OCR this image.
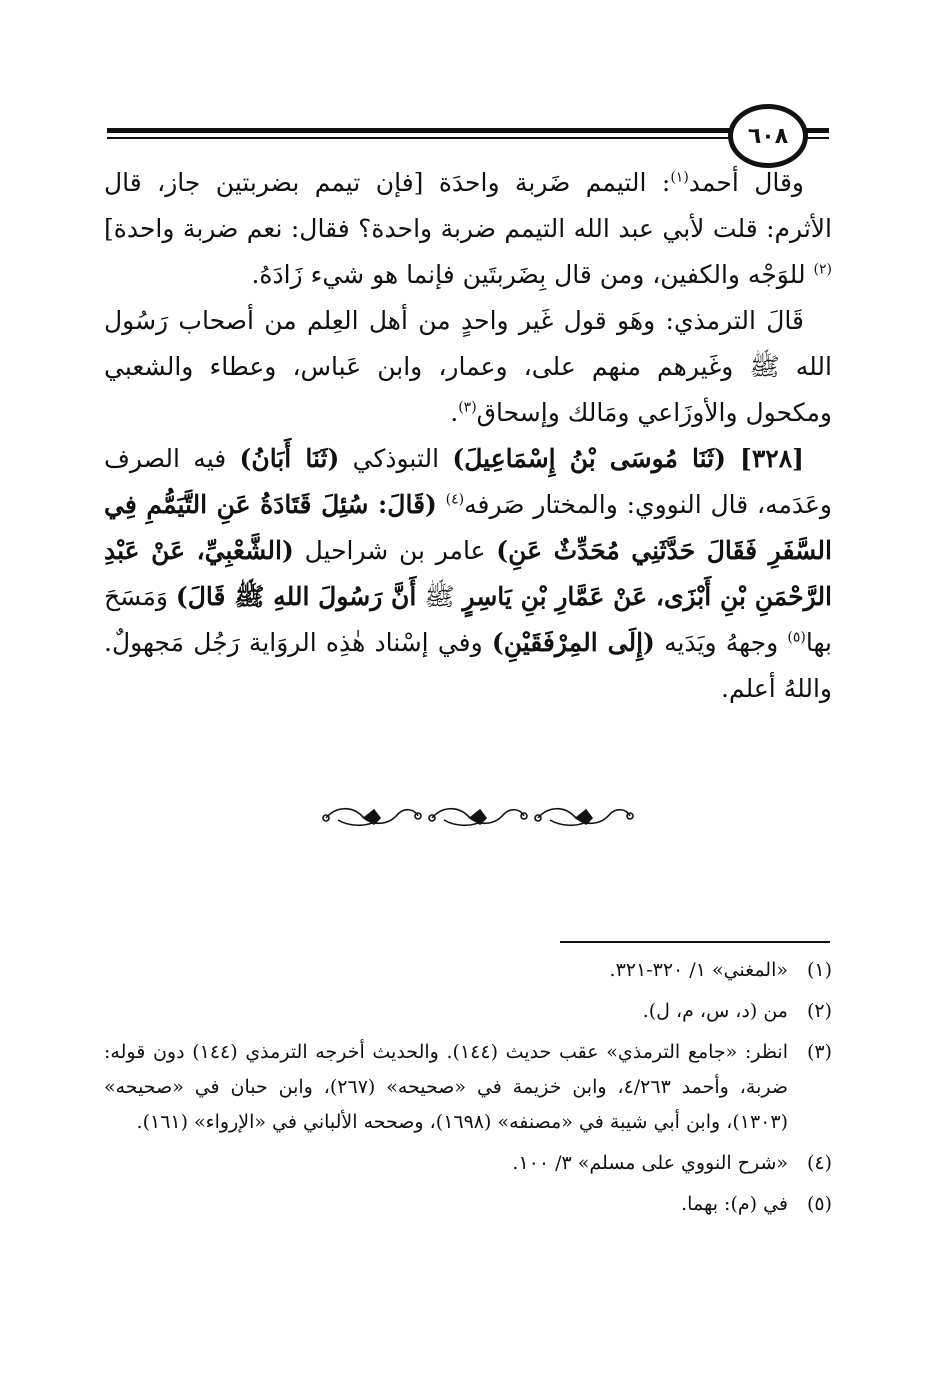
٦٠٨

وقال أحمد$^{(١)}$: التيمم ضَربة واحدَة [فإن تيمم بضربتين جاز، قال الأثرم: قلت لأبي عبد الله التيمم ضربة واحدة؟ فقال: نعم ضربة واحدة]$^{(٢)}$ للوَجْه والكفين، ومن قال بِضَربتَين فإنما هو شيء زَادَهُ.

قَالَ الترمذي: وهَو قول غَير واحدٍ من أهل العِلم من أصحاب رَسُول الله ﷺ وغَيرهم منهم على، وعمار، وابن عَباس، وعطاء والشعبي ومكحول والأوزَاعي ومَالك وإسحاق$^{(٣)}$.

[٣٢٨] (ثَنَا مُوسَى بْنُ إِسْمَاعِيلَ) التبوذكي (ثَنَا أَبَانُ) فيه الصرف وعَدَمه، قال النووي: والمختار صَرفه$^{(٤)}$ (قَالَ: سُئِلَ قَتَادَةُ عَنِ التَّيَمُّمِ فِي السَّفَرِ فَقَالَ حَدَّثَنِي مُحَدِّثٌ عَنِ) عامر بن شراحيل (الشَّعْبِيِّ، عَنْ عَبْدِ الرَّحْمَنِ بْنِ أَبْزَى، عَنْ عَمَّارِ بْنِ يَاسِرٍ ﷺ أَنَّ رَسُولَ اللهِ ﷺ قَالَ) وَمَسَحَ بها$^{(٥)}$ وجههُ ويَدَيه (إِلَى المِرْفَقَيْنِ) وفي إسْناد هٰذِه الروَاية رَجُل مَجهولٌ. واللهُ أعلم.

(١)
«المغني» ١/ ٣٢٠-٣٢١.
(٢)
من (د، س، م، ل).
(٣)
انظر: «جامع الترمذي» عقب حديث (١٤٤). والحديث أخرجه الترمذي (١٤٤) دون قوله: ضربة، وأحمد ٤/٢٦٣، وابن خزيمة في «صحيحه» (٢٦٧)، وابن حبان في «صحيحه» (١٣٠٣)، وابن أبي شيبة في «مصنفه» (١٦٩٨)، وصححه الألباني في «الإرواء» (١٦١).
(٤)
«شرح النووي على مسلم» ٣/ ١٠٠.
(٥)
في (م): بهما.
